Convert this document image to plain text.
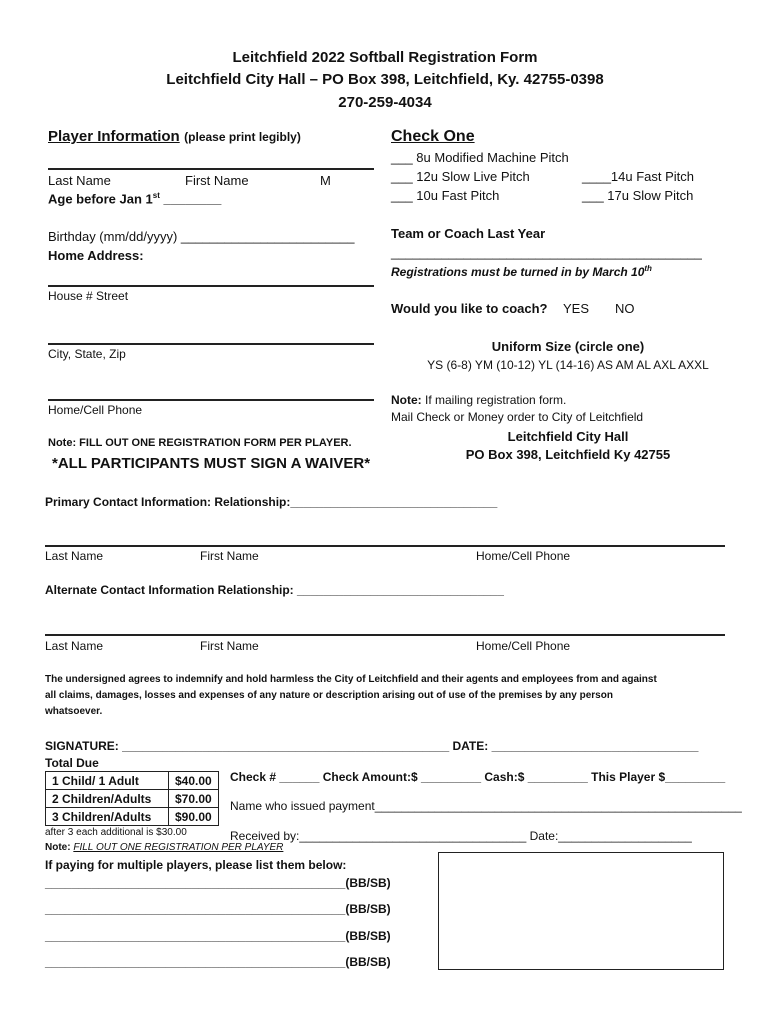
Leitchfield 2022 Softball Registration Form
Leitchfield City Hall – PO Box 398, Leitchfield, Ky. 42755-0398
270-259-4034
Player Information (please print legibly)
Last Name	First Name	M
Age before Jan 1st ________
Birthday (mm/dd/yyyy) ________________________
Home Address:
House # Street
City, State, Zip
Home/Cell Phone
Note: FILL OUT ONE REGISTRATION FORM PER PLAYER.
*ALL PARTICIPANTS MUST SIGN A WAIVER*
Check One
___ 8u Modified Machine Pitch
___ 12u Slow Live Pitch
___ 10u Fast Pitch
____14u Fast Pitch
___ 17u Slow Pitch
Team or Coach Last Year
___________________________________________
Registrations must be turned in by March 10th
Would you like to coach? YES NO
Uniform Size (circle one)
YS (6-8) YM (10-12) YL (14-16) AS AM AL AXL AXXL
Note: If mailing registration form.
Mail Check or Money order to City of Leitchfield
Leitchfield City Hall
PO Box 398, Leitchfield Ky 42755
Primary Contact Information: Relationship:_______________________________
Last Name	First Name	Home/Cell Phone
Alternate Contact Information Relationship: _______________________________
Last Name	First Name	Home/Cell Phone
The undersigned agrees to indemnify and hold harmless the City of Leitchfield and their agents and employees from and against
all claims, damages, losses and expenses of any nature or description arising out of use of the premises by any person
whatsoever.
SIGNATURE: _________________________________________________ DATE: _______________________________
Total Due
1 Child/ 1 Adult	$40.00
2 Children/Adults	$70.00
3 Children/Adults	$90.00
after 3 each additional is $30.00
Check # ______ Check Amount:$ _________ Cash:$ _________ This Player $_________
Name who issued payment_______________________________________________________
Received by:__________________________________ Date:____________________
Note: FILL OUT ONE REGISTRATION PER PLAYER
If paying for multiple players, please list them below:
_____________________________________________(BB/SB)
_____________________________________________(BB/SB)
_____________________________________________(BB/SB)
_____________________________________________(BB/SB)
